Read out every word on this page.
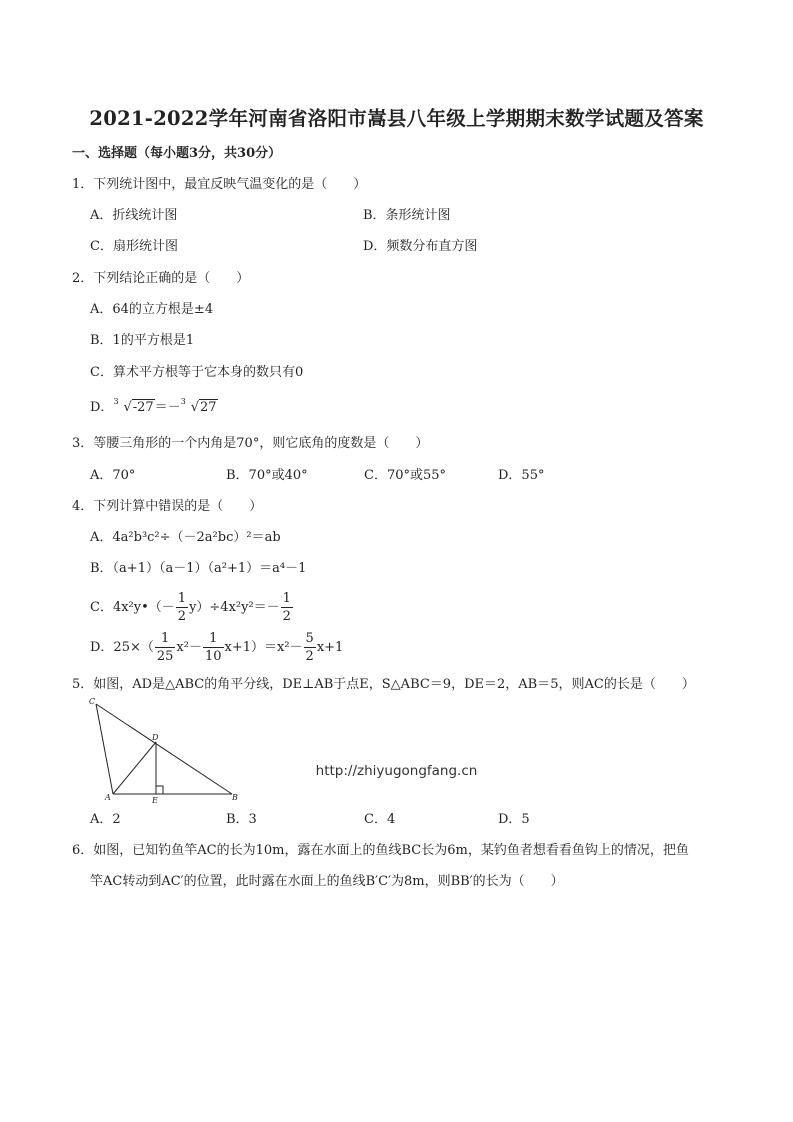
2021-2022学年河南省洛阳市嵩县八年级上学期期末数学试题及答案
一、选择题（每小题3分，共30分）
1．下列统计图中，最宜反映气温变化的是（　　）
A．折线统计图	B．条形统计图
C．扇形统计图	D．频数分布直方图
2．下列结论正确的是（　　）
A．64的立方根是±4
B．1的平方根是1
C．算术平方根等于它本身的数只有0
D． 3 √-27＝－ 3 √27
3．等腰三角形的一个内角是70°，则它底角的度数是（　　）
A．70°	B．70°或40°	C．70°或55°	D．55°
4．下列计算中错误的是（　　）
A．4a²b³c²÷（－2a²bc）²＝ab
B．（a+1）（a－1）（a²+1）＝a⁴－1
C．4x²y•（－ $\frac{1}{2} y)\div 4x^2y^2=- \frac{1}{2}$
D．$25\times( \frac{1}{25} x^2- \frac{1}{10} x+1)=x^2- \frac{5}{2} x+1$
5．如图，AD是△ABC的角平分线，DE⊥AB于点E，S△ABC＝9，DE＝2，AB＝5，则AC的长是（　　）
C
D
A	E	B
A．2	B．3	C．4	D．5
6．如图，已知钓鱼竿AC的长为10m，露在水面上的鱼线BC长为6m，某钓鱼者想看看鱼钩上的情况，把鱼
竿AC转动到AC′的位置，此时露在水面上的鱼线B′C′为8m，则BB′的长为（　　）
http://zhiyugongfang.cn
